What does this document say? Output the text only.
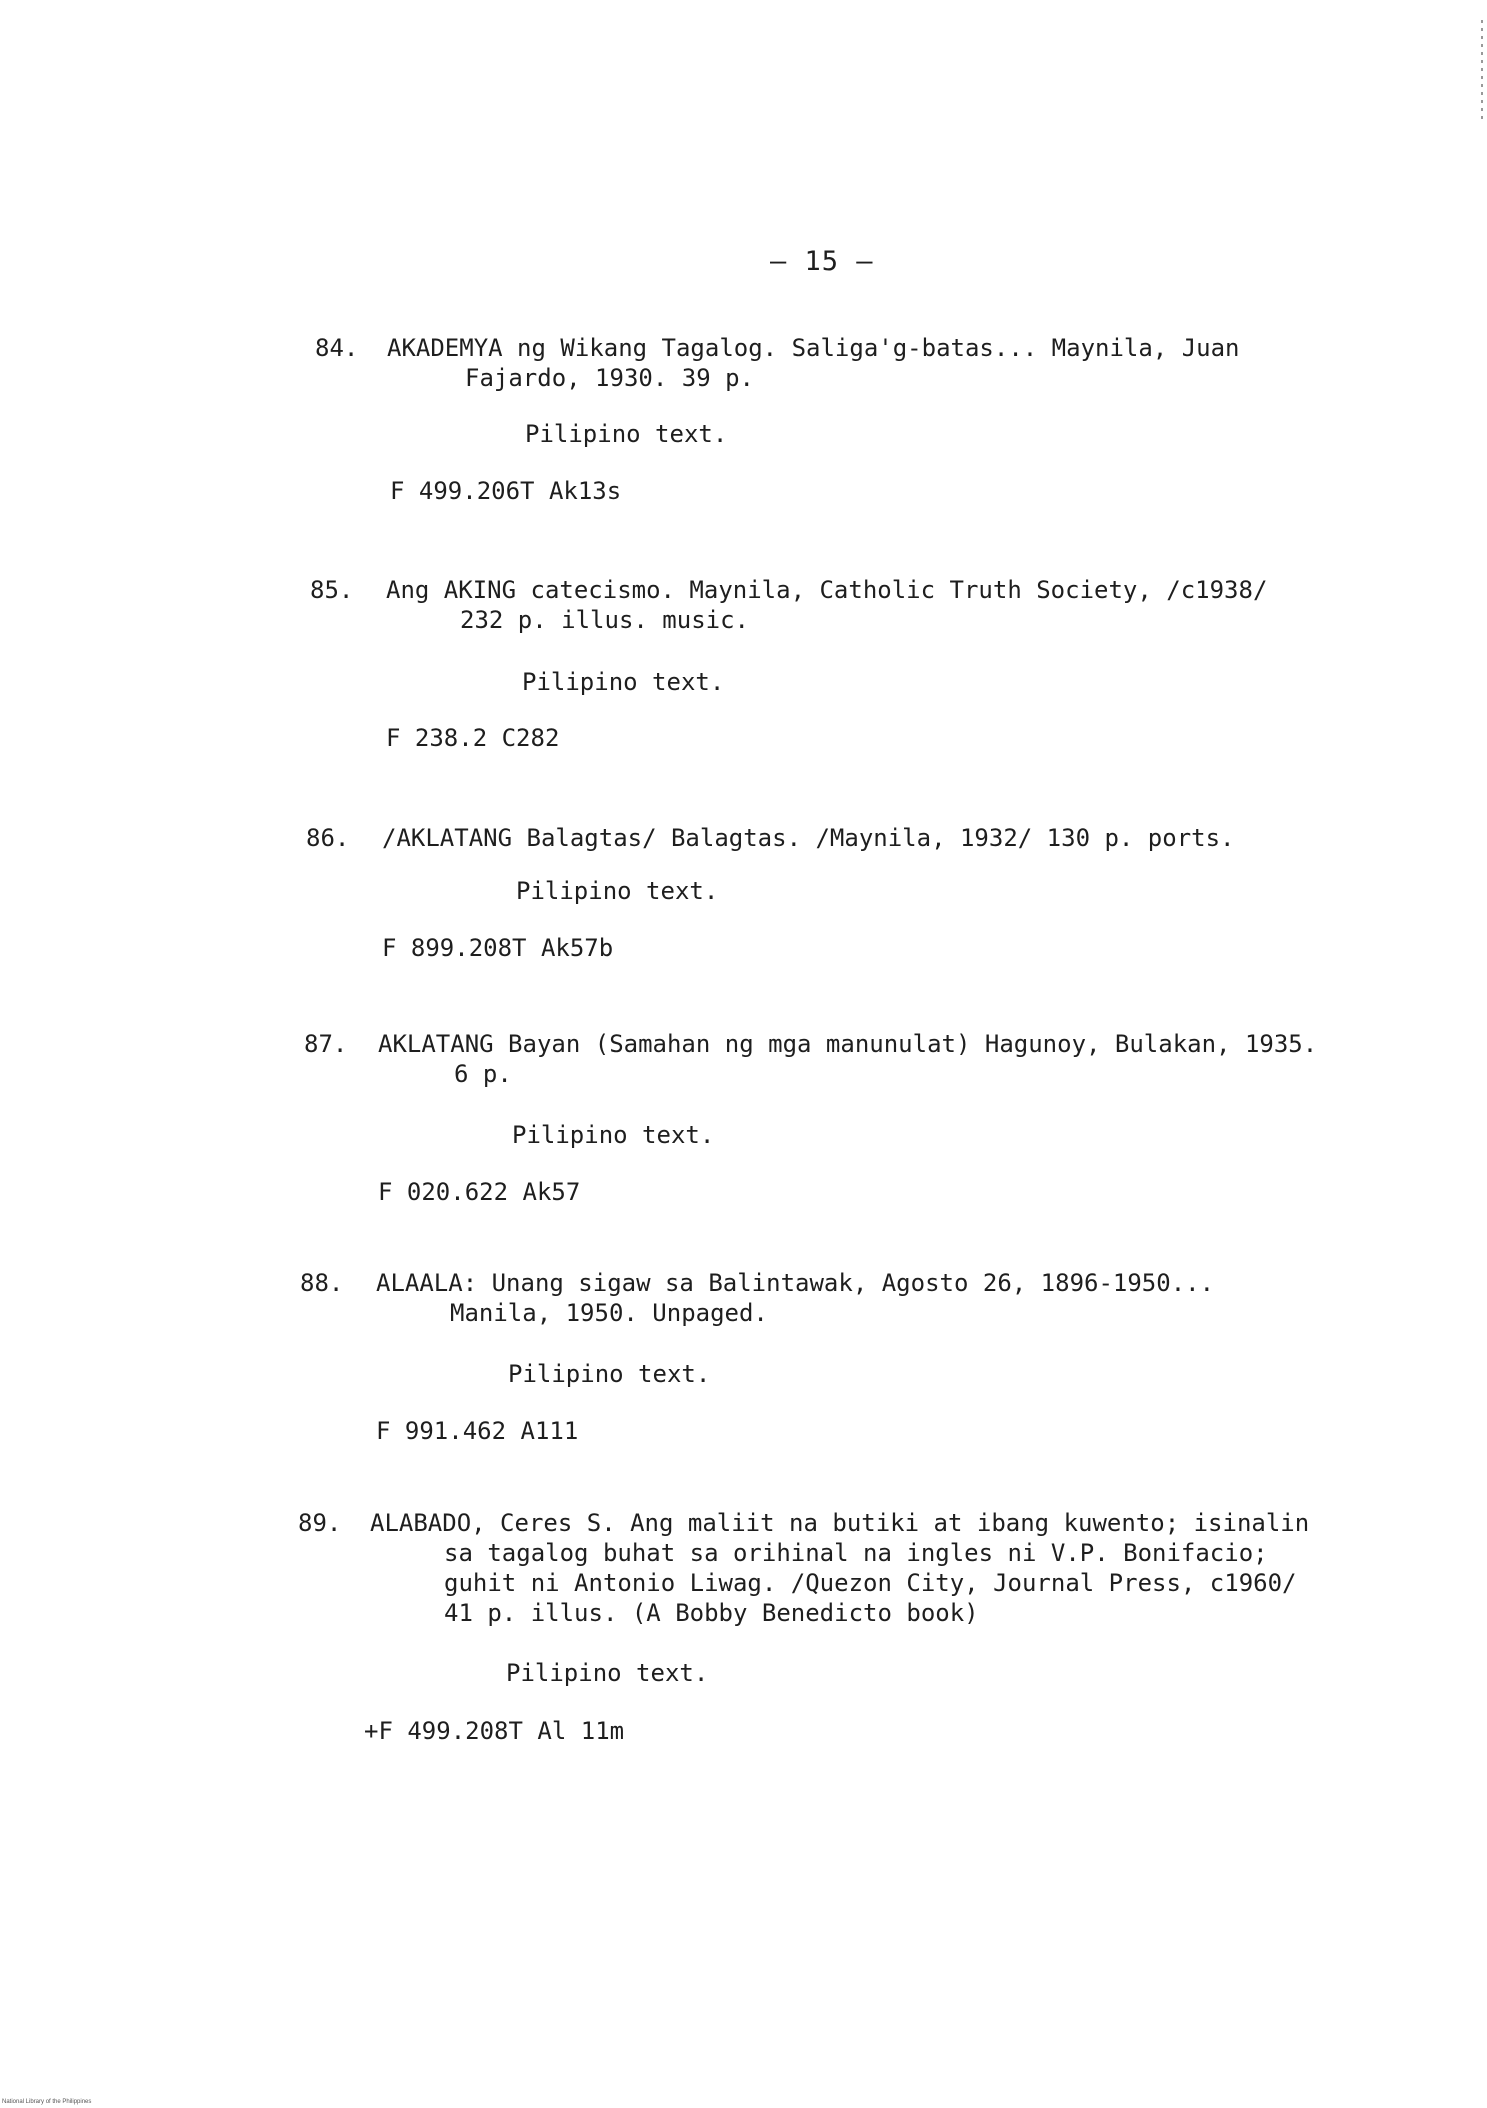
– 15 –
84. AKADEMYA ng Wikang Tagalog. Saliga'g-batas... Maynila, Juan
Fajardo, 1930. 39 p.
Pilipino text.
F 499.206T Ak13s
85. Ang AKING catecismo. Maynila, Catholic Truth Society, /c1938/
232 p. illus. music.
Pilipino text.
F 238.2 C282
86. /AKLATANG Balagtas/ Balagtas. /Maynila, 1932/ 130 p. ports.
Pilipino text.
F 899.208T Ak57b
87. AKLATANG Bayan (Samahan ng mga manunulat) Hagunoy, Bulakan, 1935.
6 p.
Pilipino text.
F 020.622 Ak57
88. ALAALA: Unang sigaw sa Balintawak, Agosto 26, 1896-1950...
Manila, 1950. Unpaged.
Pilipino text.
F 991.462 A111
89. ALABADO, Ceres S. Ang maliit na butiki at ibang kuwento; isinalin
sa tagalog buhat sa orihinal na ingles ni V.P. Bonifacio;
guhit ni Antonio Liwag. /Quezon City, Journal Press, c1960/
41 p. illus. (A Bobby Benedicto book)
Pilipino text.
+F 499.208T Al 11m
National Library of the Philippines
